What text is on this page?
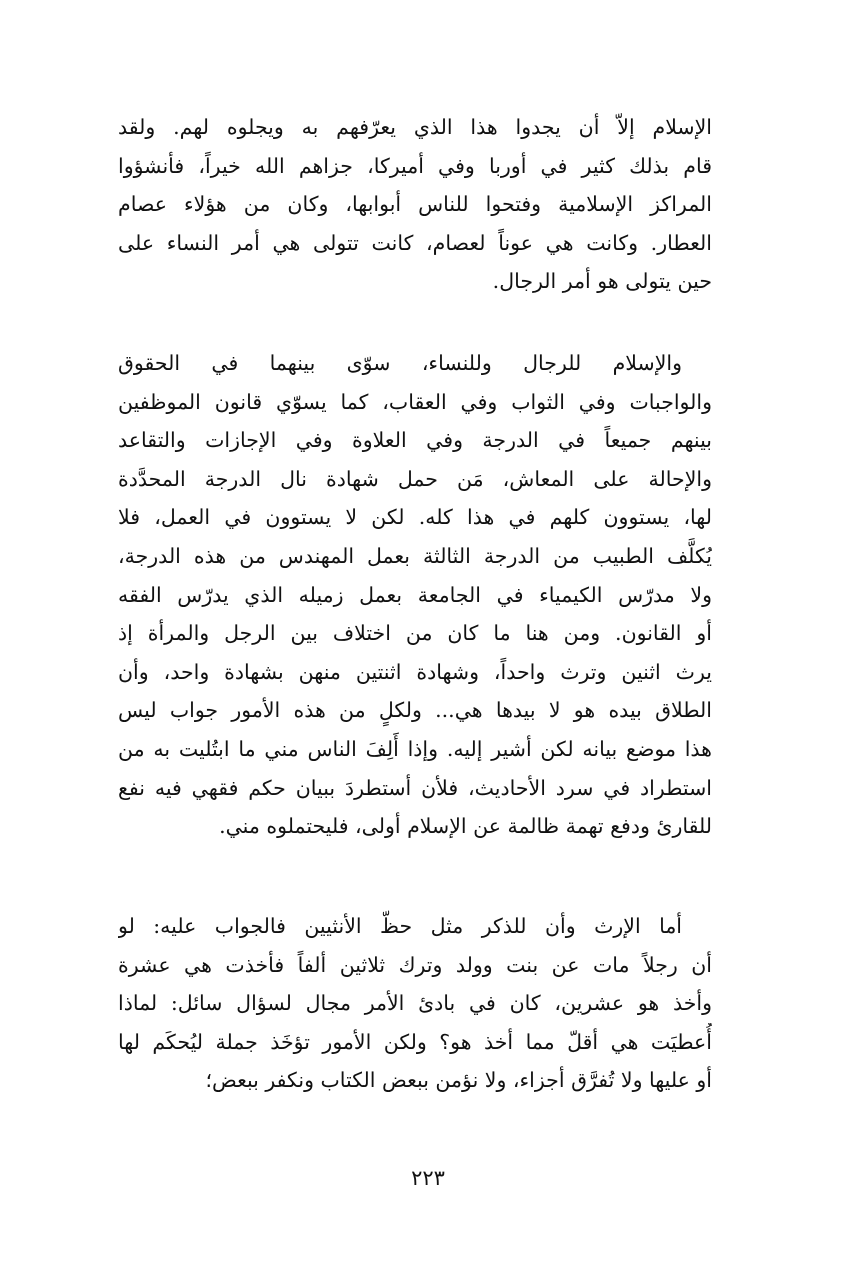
الإسلام إلاّ أن يجدوا هذا الذي يعرّفهم به ويجلوه لهم. ولقد
قام بذلك كثير في أوربا وفي أميركا، جزاهم الله خيراً، فأنشؤوا
المراكز الإسلامية وفتحوا للناس أبوابها، وكان من هؤلاء عصام
العطار. وكانت هي عوناً لعصام، كانت تتولى هي أمر النساء على
حين يتولى هو أمر الرجال.
والإسلام للرجال وللنساء، سوّى بينهما في الحقوق
والواجبات وفي الثواب وفي العقاب، كما يسوّي قانون الموظفين
بينهم جميعاً في الدرجة وفي العلاوة وفي الإجازات والتقاعد
والإحالة على المعاش، مَن حمل شهادة نال الدرجة المحدَّدة
لها، يستوون كلهم في هذا كله. لكن لا يستوون في العمل، فلا
يُكلَّف الطبيب من الدرجة الثالثة بعمل المهندس من هذه الدرجة،
ولا مدرّس الكيمياء في الجامعة بعمل زميله الذي يدرّس الفقه
أو القانون. ومن هنا ما كان من اختلاف بين الرجل والمرأة إذ
يرث اثنين وترث واحداً، وشهادة اثنتين منهن بشهادة واحد، وأن
الطلاق بيده هو لا بيدها هي... ولكلٍ من هذه الأمور جواب ليس
هذا موضع بيانه لكن أشير إليه. وإذا أَلِفَ الناس مني ما ابتُليت به من
استطراد في سرد الأحاديث، فلأن أستطردَ ببيان حكم فقهي فيه نفع
للقارئ ودفع تهمة ظالمة عن الإسلام أولى، فليحتملوه مني.
أما الإرث وأن للذكر مثل حظّ الأنثيين فالجواب عليه: لو
أن رجلاً مات عن بنت وولد وترك ثلاثين ألفاً فأخذت هي عشرة
وأخذ هو عشرين، كان في بادئ الأمر مجال لسؤال سائل: لماذا
أُعطيَت هي أقلّ مما أخذ هو؟ ولكن الأمور تؤخَذ جملة ليُحكَم لها
أو عليها ولا تُفرَّق أجزاء، ولا نؤمن ببعض الكتاب ونكفر ببعض؛
٢٢٣
